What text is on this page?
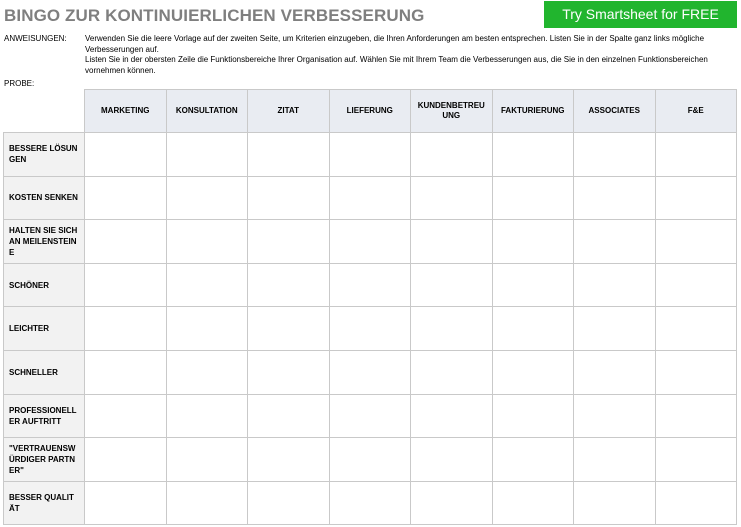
BINGO ZUR KONTINUIERLICHEN VERBESSERUNG	Try Smartsheet for FREE
ANWEISUNGEN: Verwenden Sie die leere Vorlage auf der zweiten Seite, um Kriterien einzugeben, die Ihren Anforderungen am besten entsprechen. Listen Sie in der Spalte ganz links mögliche Verbesserungen auf.

Listen Sie in der obersten Zeile die Funktionsbereiche Ihrer Organisation auf. Wählen Sie mit Ihrem Team die Verbesserungen aus, die Sie in den einzelnen Funktionsbereichen vornehmen können.

PROBE:
	MARKETING	KONSULTATION	ZITAT	LIEFERUNG	KUNDENBETREUUNG	FAKTURIERUNG	ASSOCIATES	F&E
BESSERE LÖSUNGEN								
KOSTEN SENKEN								
HALTEN SIE SICH AN MEILENSTEINE								
SCHÖNER								
LEICHTER								
SCHNELLER								
PROFESSIONELLER AUFTRITT								
"VERTRAUENSWÜRDIGER PARTNER"								
BESSER QUALITÄT								
